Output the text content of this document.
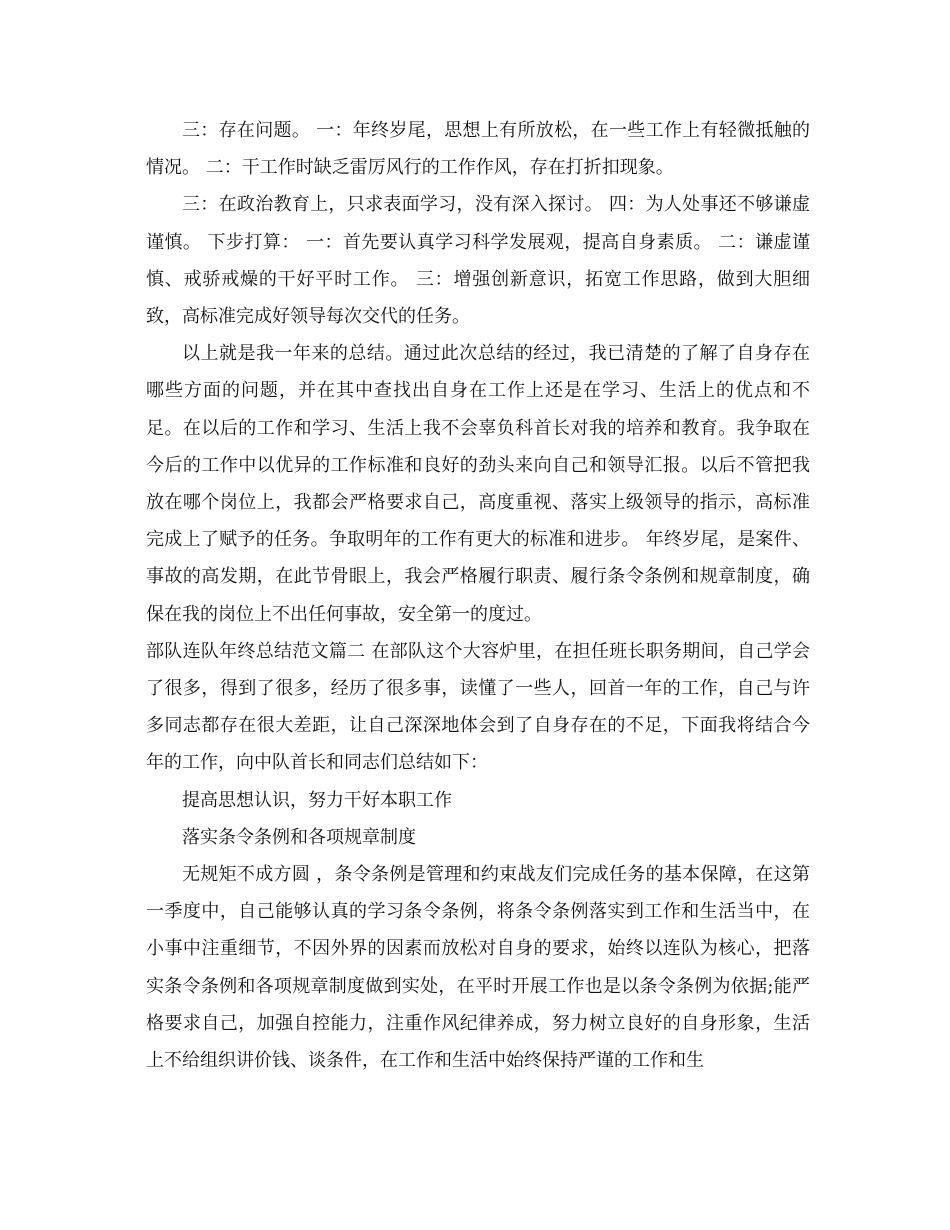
三：存在问题。 一：年终岁尾，思想上有所放松，在一些工作上有轻微抵触的情况。 二：干工作时缺乏雷厉风行的工作作风，存在打折扣现象。

三：在政治教育上，只求表面学习，没有深入探讨。 四：为人处事还不够谦虚谨慎。 下步打算： 一：首先要认真学习科学发展观，提高自身素质。 二：谦虚谨慎、戒骄戒燥的干好平时工作。 三：增强创新意识，拓宽工作思路，做到大胆细致，高标准完成好领导每次交代的任务。

以上就是我一年来的总结。通过此次总结的经过，我已清楚的了解了自身存在哪些方面的问题，并在其中查找出自身在工作上还是在学习、生活上的优点和不足。在以后的工作和学习、生活上我不会辜负科首长对我的培养和教育。我争取在今后的工作中以优异的工作标准和良好的劲头来向自己和领导汇报。以后不管把我放在哪个岗位上，我都会严格要求自己，高度重视、落实上级领导的指示，高标准完成上了赋予的任务。争取明年的工作有更大的标准和进步。 年终岁尾，是案件、事故的高发期，在此节骨眼上，我会严格履行职责、履行条令条例和规章制度，确保在我的岗位上不出任何事故，安全第一的度过。

部队连队年终总结范文篇二 在部队这个大容炉里，在担任班长职务期间，自己学会了很多，得到了很多，经历了很多事，读懂了一些人，回首一年的工作，自己与许多同志都存在很大差距，让自己深深地体会到了自身存在的不足，下面我将结合今年的工作，向中队首长和同志们总结如下：

提高思想认识，努力干好本职工作

落实条令条例和各项规章制度

无规矩不成方圆 ，条令条例是管理和约束战友们完成任务的基本保障，在这第一季度中，自己能够认真的学习条令条例，将条令条例落实到工作和生活当中，在小事中注重细节，不因外界的因素而放松对自身的要求，始终以连队为核心，把落实条令条例和各项规章制度做到实处，在平时开展工作也是以条令条例为依据;能严格要求自己，加强自控能力，注重作风纪律养成，努力树立良好的自身形象，生活上不给组织讲价钱、谈条件，在工作和生活中始终保持严谨的工作和生
